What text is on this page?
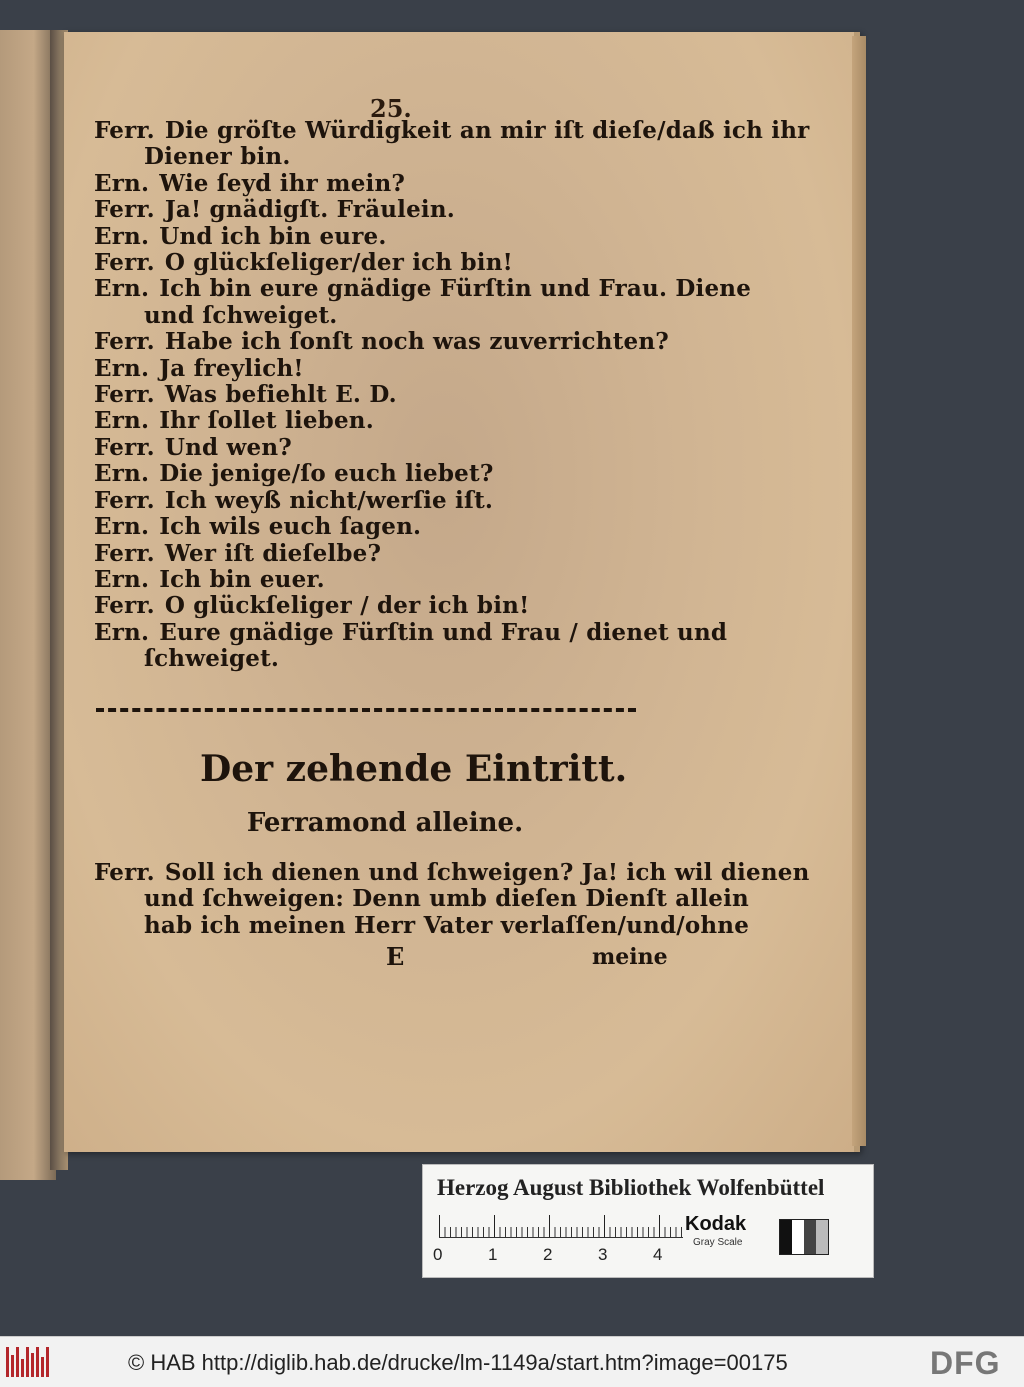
25.
Ferr. Die gröſte Würdigkeit an mir iſt dieſe/daß ich ihr
Diener bin.
Ern. Wie ſeyd ihr mein?
Ferr. Ja! gnädigſt. Fräulein.
Ern. Und ich bin eure.
Ferr. O glückſeliger/der ich bin!
Ern. Ich bin eure gnädige Fürſtin und Frau. Diene
und ſchweiget.
Ferr. Habe ich ſonſt noch was zuverrichten?
Ern. Ja freylich!
Ferr. Was befiehlt E. D.
Ern. Ihr ſollet lieben.
Ferr. Und wen?
Ern. Die jenige/ſo euch liebet?
Ferr. Ich weyß nicht/werſie iſt.
Ern. Ich wils euch ſagen.
Ferr. Wer iſt dieſelbe?
Ern. Ich bin euer.
Ferr. O glückſeliger / der ich bin!
Ern. Eure gnädige Fürſtin und Frau / dienet und
ſchweiget.
Der zehende Eintritt.
Ferramond alleine.
Ferr. Soll ich dienen und ſchweigen? Ja! ich wil dienen
und ſchweigen: Denn umb dieſen Dienſt allein
hab ich meinen Herr Vater verlaſſen/und/ohne
E	meine
Herzog August Bibliothek Wolfenbüttel
0	1	2	3	4
Kodak
Gray Scale
© HAB http://diglib.hab.de/drucke/lm-1149a/start.htm?image=00175	DFG
